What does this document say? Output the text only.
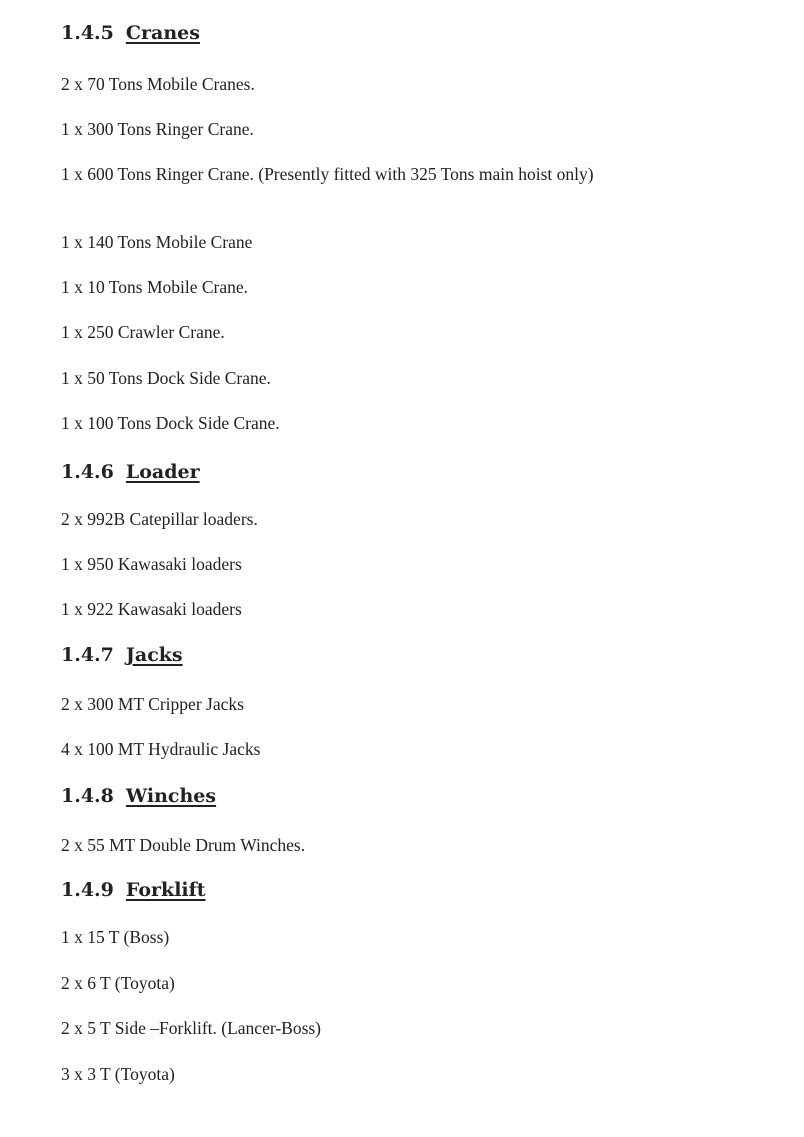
1.4.5 Cranes
2 x 70 Tons Mobile Cranes.
1 x 300 Tons Ringer Crane.
1 x 600 Tons Ringer Crane. (Presently fitted with 325 Tons main hoist only)
1 x 140 Tons Mobile Crane
1 x 10 Tons Mobile Crane.
1 x 250 Crawler Crane.
1 x 50 Tons Dock Side Crane.
1 x 100 Tons Dock Side Crane.
1.4.6 Loader
2 x 992B Catepillar loaders.
1 x 950 Kawasaki loaders
1 x 922 Kawasaki loaders
1.4.7 Jacks
2 x 300 MT Cripper Jacks
4 x 100 MT Hydraulic Jacks
1.4.8 Winches
2 x 55 MT Double Drum Winches.
1.4.9 Forklift
1 x 15 T (Boss)
2 x 6 T (Toyota)
2 x 5 T Side –Forklift. (Lancer-Boss)
3 x 3 T (Toyota)
